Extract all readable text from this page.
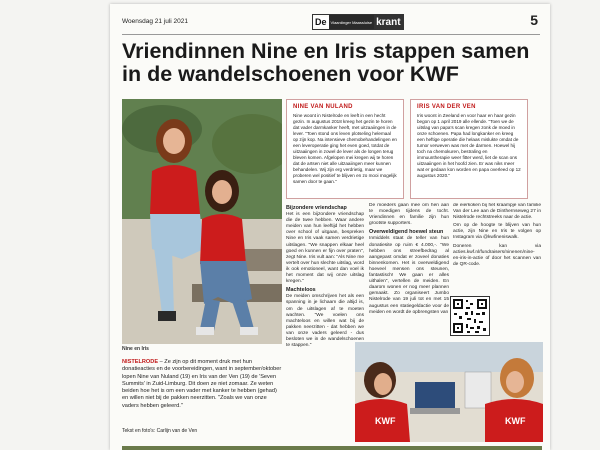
Woensdag 21 juli 2021	De	Vlaardinger Maassluise krant	5
Vriendinnen Nine en Iris stappen samen in de wandelschoenen voor KWF
Nine en Iris
NINE VAN NULAND

Nine woont in Nistelrode en leeft in een hecht gezin. In augustus 2018 kreeg het gezin te horen dat vader darmkanker heeft, met uitzaaiingen in de lever. "Toen stond ons leven plotseling helemaal op zijn kop. Na intensieve chemobehandelingen en een leveroperatie ging het even goed, totdat de uitzaaiingen in zowel de lever als de longen terug bleven komen. Afgelopen mei kregen wij te horen dat de artsen niet alle uitzaaiingen meer kunnen behandelen. Wij zijn erg verdrietig, maar we proberen wel positief te blijven en zo mooi mogelijk samen door te gaan."

IRIS VAN DER VEN

Iris woont in Zeeland en voor haar en haar gezin begon op 1 april 2019 alle ellende. "Toen we de uitslag van papa's scan kregen zonk de moed in onze schoenen. Papa had longkanker en kreeg een heftige operatie die helaas mislukte omdat de tumor verweven was met de darmen. Hoewel hij toch na chemokuren, bestraling en immuuntherapie weer fitter werd, liet de scan ons uitzaaiingen in het hoofd zien. Er was niks meer wat er gedaan kon worden en papa overleed op 12 augustus 2020."

Bijzondere vriendschap

Het is een bijzondere vriendschap die de twee hebben. Waar andere meiden van hun leeftijd het hebben over school of uitgaan, bespreken Nine en Iris vaak samen verdrietige uitslagen. "We snappen elkaar heel goed en kunnen er fijn over praten", zegt Nine. Iris vult aan: "Als Nine me vertelt over hun slechte uitslag, word ik ook emotioneel, want dan voel ik het moment dat wij onze uitslag kregen."

Machteloos

De meiden omschrijven het als een spanning in je lichaam die altijd is, om de uitslagen af te moeten wachten. "We voelen ons machteloos en willen wat bij de pakken neerzitten - dat hebben we van onze vaders geleerd - dus besloten we in de wandelschoenen te stappen."

De moeders gaan mee om hen aan te moedigen tijdens de tocht. Vriendinnen en familie zijn hun grootste supporters.

Overweldigend hoewel steun

Inmiddels staat de teller van hun donatiesite op ruim € 4.000,-. "We hebben ons streefbedrag al aangepast omdat er zoveel donaties binnenkomen. Het is overweldigend hoeveel mensen ons steunen, fantastisch! We gaan er alles uithalen", vertellen de meiden. En daarom wonen er nog meer plannen gemaakt. Zo organiseert Jumbo Nistelrode van 19 juli tot en met 15 augustus een statiegeldactie voor de meiden en wordt de opbrengsten van

de eierkoken bij het kraampje van familie Van der Lee aan de Dinthernseweg 27 in Nistelrode rechtstreeks naar de actie.

Om op de hoogte te blijven van hun actie, zijn Nine en Iris te volgen op Instagram via @kwfineniswalk.

Doneren kan via acties.kwf.nl/fundraisers/ninenen/nine-en-iris-in-actie of door het scannen van de QR-code.

NISTELRODE – Ze zijn op dit moment druk met hun donatieacties en de voorbereidingen, want in september/oktober lopen Nine van Nuland (19) en Iris van der Ven (19) de 'Seven Summits' in Zuid-Limburg. Dit doen ze niet zomaar. Ze weten beiden hoe het is om een vader met kanker te hebben (gehad) en willen niet bij de pakken neerzitten. "Zoals we van onze vaders hebben geleerd."
Tekst en foto's: Carlijn van de Ven
KWF	KWF
